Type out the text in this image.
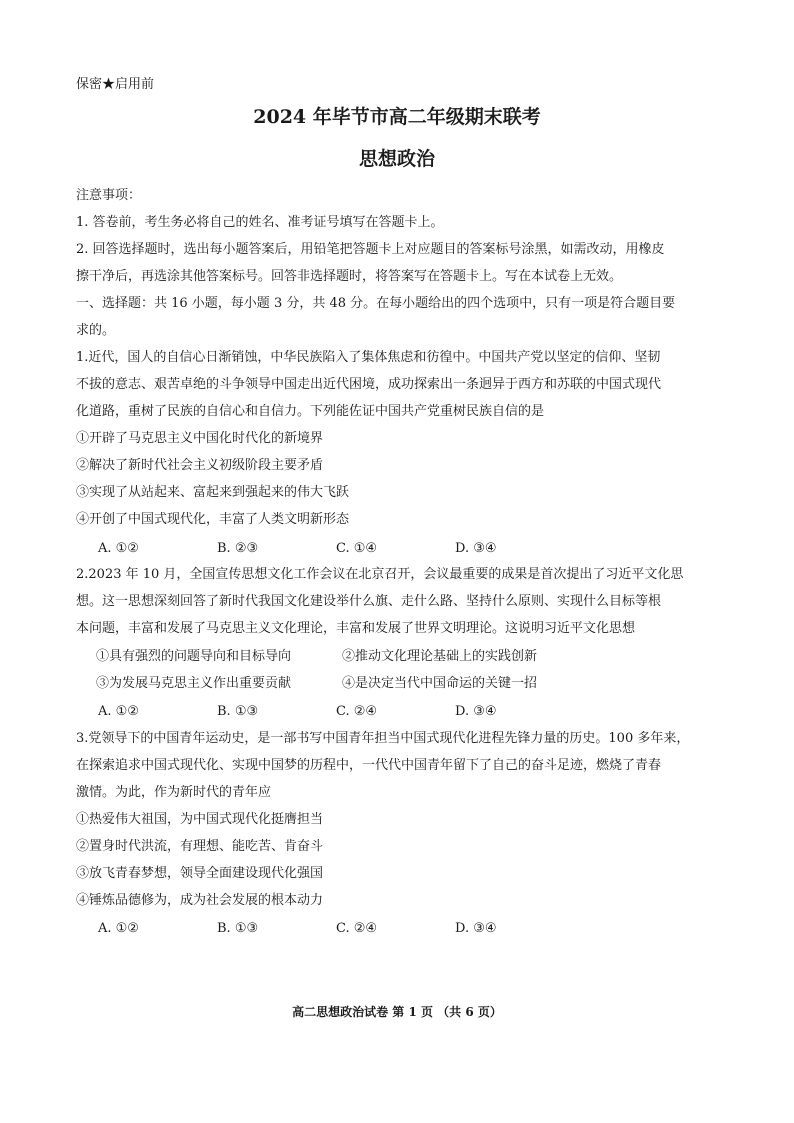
保密★启用前
2024 年毕节市高二年级期末联考
思想政治
注意事项：
1. 答卷前，考生务必将自己的姓名、准考证号填写在答题卡上。
2. 回答选择题时，选出每小题答案后，用铅笔把答题卡上对应题目的答案标号涂黑，如需改动，用橡皮
擦干净后，再选涂其他答案标号。回答非选择题时，将答案写在答题卡上。写在本试卷上无效。
一、选择题：共 16 小题，每小题 3 分，共 48 分。在每小题给出的四个选项中，只有一项是符合题目要
求的。
1.近代，国人的自信心日渐销蚀，中华民族陷入了集体焦虑和彷徨中。中国共产党以坚定的信仰、坚韧
不拔的意志、艰苦卓绝的斗争领导中国走出近代困境，成功探索出一条迥异于西方和苏联的中国式现代
化道路，重树了民族的自信心和自信力。下列能佐证中国共产党重树民族自信的是
①开辟了马克思主义中国化时代化的新境界
②解决了新时代社会主义初级阶段主要矛盾
③实现了从站起来、富起来到强起来的伟大飞跃
④开创了中国式现代化，丰富了人类文明新形态
A. ①②	B. ②③	C. ①④	D. ③④
2.2023 年 10 月，全国宣传思想文化工作会议在北京召开，会议最重要的成果是首次提出了习近平文化思
想。这一思想深刻回答了新时代我国文化建设举什么旗、走什么路、坚持什么原则、实现什么目标等根
本问题，丰富和发展了马克思主义文化理论，丰富和发展了世界文明理论。这说明习近平文化思想
①具有强烈的问题导向和目标导向	②推动文化理论基础上的实践创新
③为发展马克思主义作出重要贡献	④是决定当代中国命运的关键一招
A. ①②	B. ①③	C. ②④	D. ③④
3.党领导下的中国青年运动史，是一部书写中国青年担当中国式现代化进程先锋力量的历史。100 多年来，
在探索追求中国式现代化、实现中国梦的历程中，一代代中国青年留下了自己的奋斗足迹，燃烧了青春
激情。为此，作为新时代的青年应
①热爱伟大祖国，为中国式现代化挺膺担当
②置身时代洪流，有理想、能吃苦、肯奋斗
③放飞青春梦想，领导全面建设现代化强国
④锤炼品德修为，成为社会发展的根本动力
A. ①②	B. ①③	C. ②④	D. ③④
高二思想政治试卷 第 1 页 （共 6 页）
